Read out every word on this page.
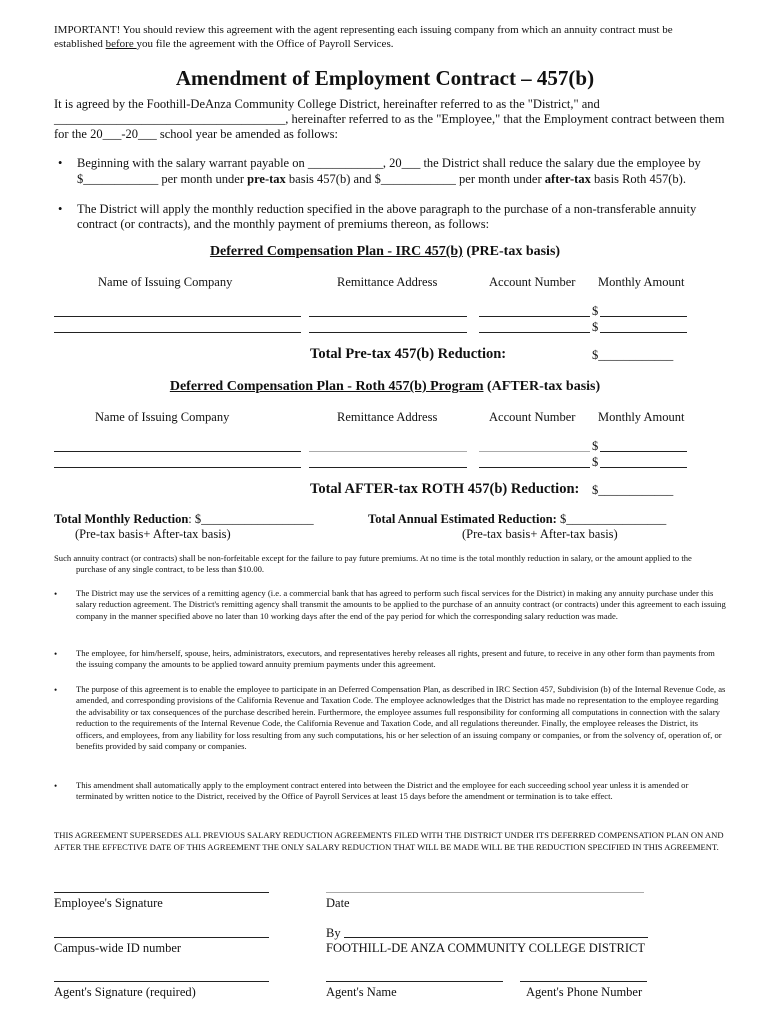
IMPORTANT! You should review this agreement with the agent representing each issuing company from which an annuity contract must be
established before you file the agreement with the Office of Payroll Services.
Amendment of Employment Contract – 457(b)
It is agreed by the Foothill-DeAnza Community College District, hereinafter referred to as the "District," and
_____________________________________, hereinafter referred to as the "Employee," that the Employment contract between them
for the 20___-20___ school year be amended as follows:
• Beginning with the salary warrant payable on ____________, 20___ the District shall reduce the salary due the employee by
$____________ per month under pre-tax basis 457(b) and $____________ per month under after-tax basis Roth 457(b).
• The District will apply the monthly reduction specified in the above paragraph to the purchase of a non-transferable annuity
contract (or contracts), and the monthly payment of premiums thereon, as follows:
Deferred Compensation Plan - IRC 457(b) (PRE-tax basis)
Name of Issuing Company	Remittance Address	Account Number Monthly Amount
$
$
Total Pre-tax 457(b) Reduction:	$____________
Deferred Compensation Plan - Roth 457(b) Program (AFTER-tax basis)
Name of Issuing Company	Remittance Address	Account Number Monthly Amount
$
$
Total AFTER-tax ROTH 457(b) Reduction: $____________
Total Monthly Reduction: $__________________
(Pre-tax basis+ After-tax basis)
Total Annual Estimated Reduction: $________________
(Pre-tax basis+ After-tax basis)
Such annuity contract (or contracts) shall be non-forfeitable except for the failure to pay future premiums. At no time is the total monthly reduction in salary, or the amount applied to the purchase of any single contract, to be less than $10.00.
• The District may use the services of a remitting agency (i.e. a commercial bank that has agreed to perform such fiscal services for the District) in making any annuity purchase under this salary reduction agreement. The District's remitting agency shall transmit the amounts to be applied to the purchase of an annuity contract (or contracts) under this agreement to each issuing company in the manner specified above no later than 10 working days after the end of the pay period for which the corresponding salary reduction was made.
• The employee, for him/herself, spouse, heirs, administrators, executors, and representatives hereby releases all rights, present and future, to receive in any other form than payments from the issuing company the amounts to be applied toward annuity premium payments under this agreement.
• The purpose of this agreement is to enable the employee to participate in an Deferred Compensation Plan, as described in IRC Section 457, Subdivision (b) of the Internal Revenue Code, as amended, and corresponding provisions of the California Revenue and Taxation Code. The employee acknowledges that the District has made no representation to the employee regarding the advisability or tax consequences of the purchase described herein. Furthermore, the employee assumes full responsibility for conforming all computations in connection with the salary reduction to the requirements of the Internal Revenue Code, the California Revenue and Taxation Code, and all regulations thereunder. Finally, the employee releases the District, its officers, and employees, from any liability for loss resulting from any such computations, his or her selection of an issuing company or companies, or from the solvency of, operation of, or benefits provided by said company or companies.
• This amendment shall automatically apply to the employment contract entered into between the District and the employee for each succeeding school year unless it is amended or terminated by written notice to the District, received by the Office of Payroll Services at least 15 days before the amendment or termination is to take effect.
THIS AGREEMENT SUPERSEDES ALL PREVIOUS SALARY REDUCTION AGREEMENTS FILED WITH THE DISTRICT UNDER ITS DEFERRED COMPENSATION PLAN ON AND AFTER THE EFFECTIVE DATE OF THIS AGREEMENT THE ONLY SALARY REDUCTION THAT WILL BE MADE WILL BE THE REDUCTION SPECIFIED IN THIS AGREEMENT.
Employee's Signature	Date
By
Campus-wide ID number	FOOTHILL-DE ANZA COMMUNITY COLLEGE DISTRICT
Agent's Signature (required)	Agent's Name	Agent's Phone Number
